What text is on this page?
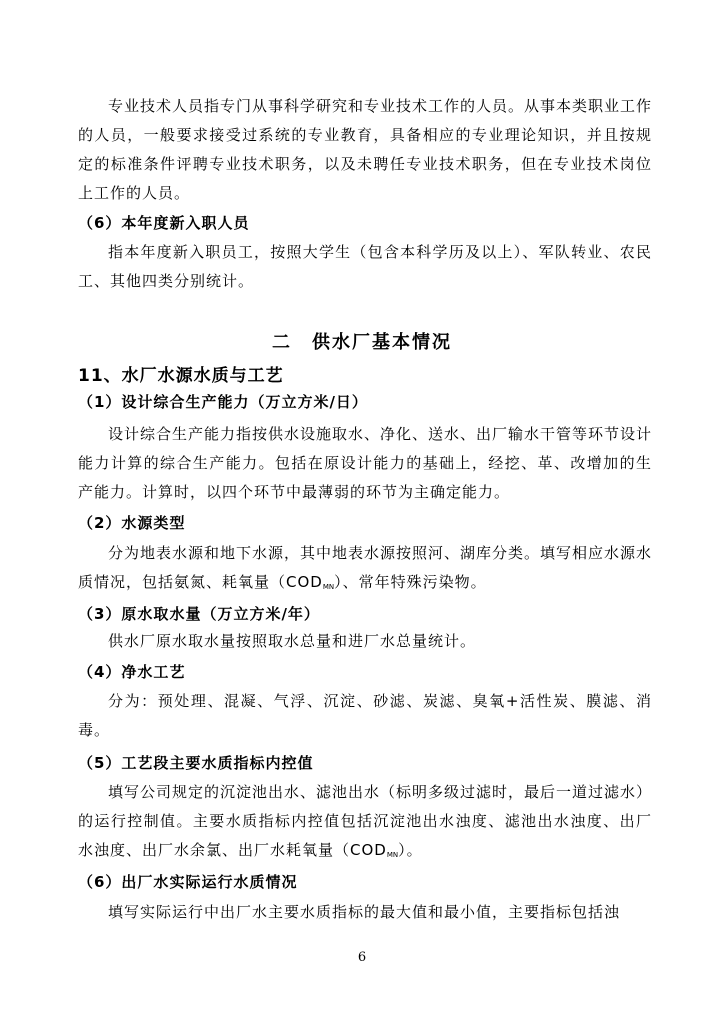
专业技术人员指专门从事科学研究和专业技术工作的人员。从事本类职业工作的人员，一般要求接受过系统的专业教育，具备相应的专业理论知识，并且按规定的标准条件评聘专业技术职务，以及未聘任专业技术职务，但在专业技术岗位上工作的人员。

（6）本年度新入职人员

指本年度新入职员工，按照大学生（包含本科学历及以上）、军队转业、农民工、其他四类分别统计。

二　供水厂基本情况
11、水厂水源水质与工艺

（1）设计综合生产能力（万立方米/日）

设计综合生产能力指按供水设施取水、净化、送水、出厂输水干管等环节设计能力计算的综合生产能力。包括在原设计能力的基础上，经挖、革、改增加的生产能力。计算时，以四个环节中最薄弱的环节为主确定能力。

（2）水源类型

分为地表水源和地下水源，其中地表水源按照河、湖库分类。填写相应水源水质情况，包括氨氮、耗氧量$(COD_{MN})$、常年特殊污染物。

（3）原水取水量（万立方米/年）

供水厂原水取水量按照取水总量和进厂水总量统计。

（4）净水工艺

分为：预处理、混凝、气浮、沉淀、砂滤、炭滤、臭氧+活性炭、膜滤、消毒。

（5）工艺段主要水质指标内控值

填写公司规定的沉淀池出水、滤池出水（标明多级过滤时，最后一道过滤水）的运行控制值。主要水质指标内控值包括沉淀池出水浊度、滤池出水浊度、出厂水浊度、出厂水余氯、出厂水耗氧量$(COD_{MN})$。

（6）出厂水实际运行水质情况

填写实际运行中出厂水主要水质指标的最大值和最小值，主要指标包括浊

6
